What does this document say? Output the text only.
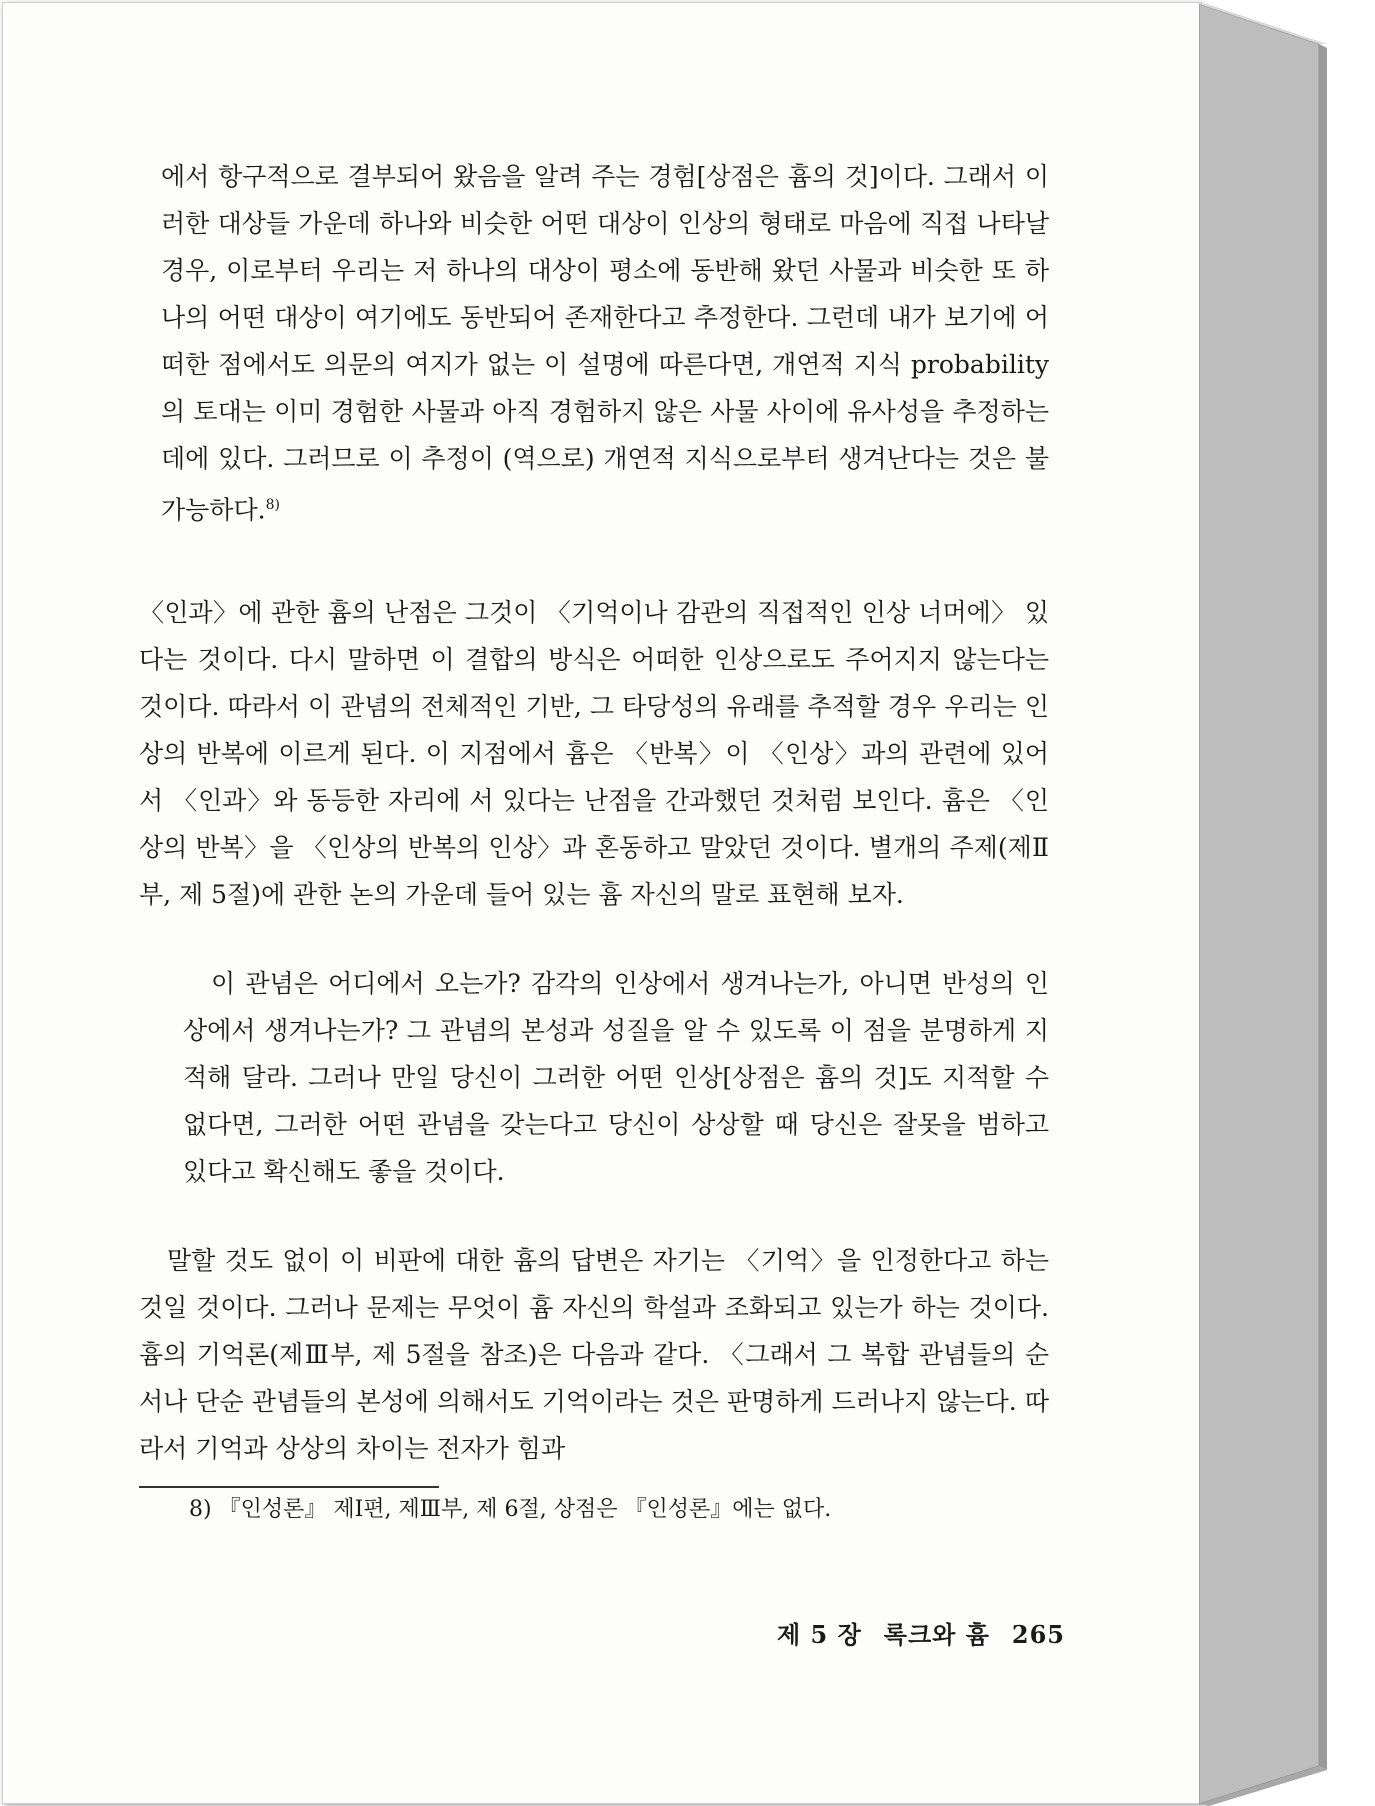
에서 항구적으로 결부되어 왔음을 알려 주는 경험[상점은 흄의 것]이다. 그래서 이러한 대상들 가운데 하나와 비슷한 어떤 대상이 인상의 형태로 마음에 직접 나타날 경우, 이로부터 우리는 저 하나의 대상이 평소에 동반해 왔던 사물과 비슷한 또 하나의 어떤 대상이 여기에도 동반되어 존재한다고 추정한다. 그런데 내가 보기에 어떠한 점에서도 의문의 여지가 없는 이 설명에 따른다면, 개연적 지식 probability의 토대는 이미 경험한 사물과 아직 경험하지 않은 사물 사이에 유사성을 추정하는 데에 있다. 그러므로 이 추정이 (역으로) 개연적 지식으로부터 생겨난다는 것은 불가능하다.$^{8)}$

〈인과〉에 관한 흄의 난점은 그것이 〈기억이나 감관의 직접적인 인상 너머에〉 있다는 것이다. 다시 말하면 이 결합의 방식은 어떠한 인상으로도 주어지지 않는다는 것이다. 따라서 이 관념의 전체적인 기반, 그 타당성의 유래를 추적할 경우 우리는 인상의 반복에 이르게 된다. 이 지점에서 흄은 〈반복〉이 〈인상〉과의 관련에 있어서 〈인과〉와 동등한 자리에 서 있다는 난점을 간과했던 것처럼 보인다. 흄은 〈인상의 반복〉을 〈인상의 반복의 인상〉과 혼동하고 말았던 것이다. 별개의 주제(제Ⅱ부, 제 5절)에 관한 논의 가운데 들어 있는 흄 자신의 말로 표현해 보자.

이 관념은 어디에서 오는가? 감각의 인상에서 생겨나는가, 아니면 반성의 인상에서 생겨나는가? 그 관념의 본성과 성질을 알 수 있도록 이 점을 분명하게 지적해 달라. 그러나 만일 당신이 그러한 어떤 인상[상점은 흄의 것]도 지적할 수 없다면, 그러한 어떤 관념을 갖는다고 당신이 상상할 때 당신은 잘못을 범하고 있다고 확신해도 좋을 것이다.

말할 것도 없이 이 비판에 대한 흄의 답변은 자기는 〈기억〉을 인정한다고 하는 것일 것이다. 그러나 문제는 무엇이 흄 자신의 학설과 조화되고 있는가 하는 것이다. 흄의 기억론(제Ⅲ부, 제 5절을 참조)은 다음과 같다. 〈그래서 그 복합 관념들의 순서나 단순 관념들의 본성에 의해서도 기억이라는 것은 판명하게 드러나지 않는다. 따라서 기억과 상상의 차이는 전자가 힘과

8) 『인성론』 제Ⅰ편, 제Ⅲ부, 제 6절, 상점은 『인성론』에는 없다.

제 5 장 록크와 흄 265
